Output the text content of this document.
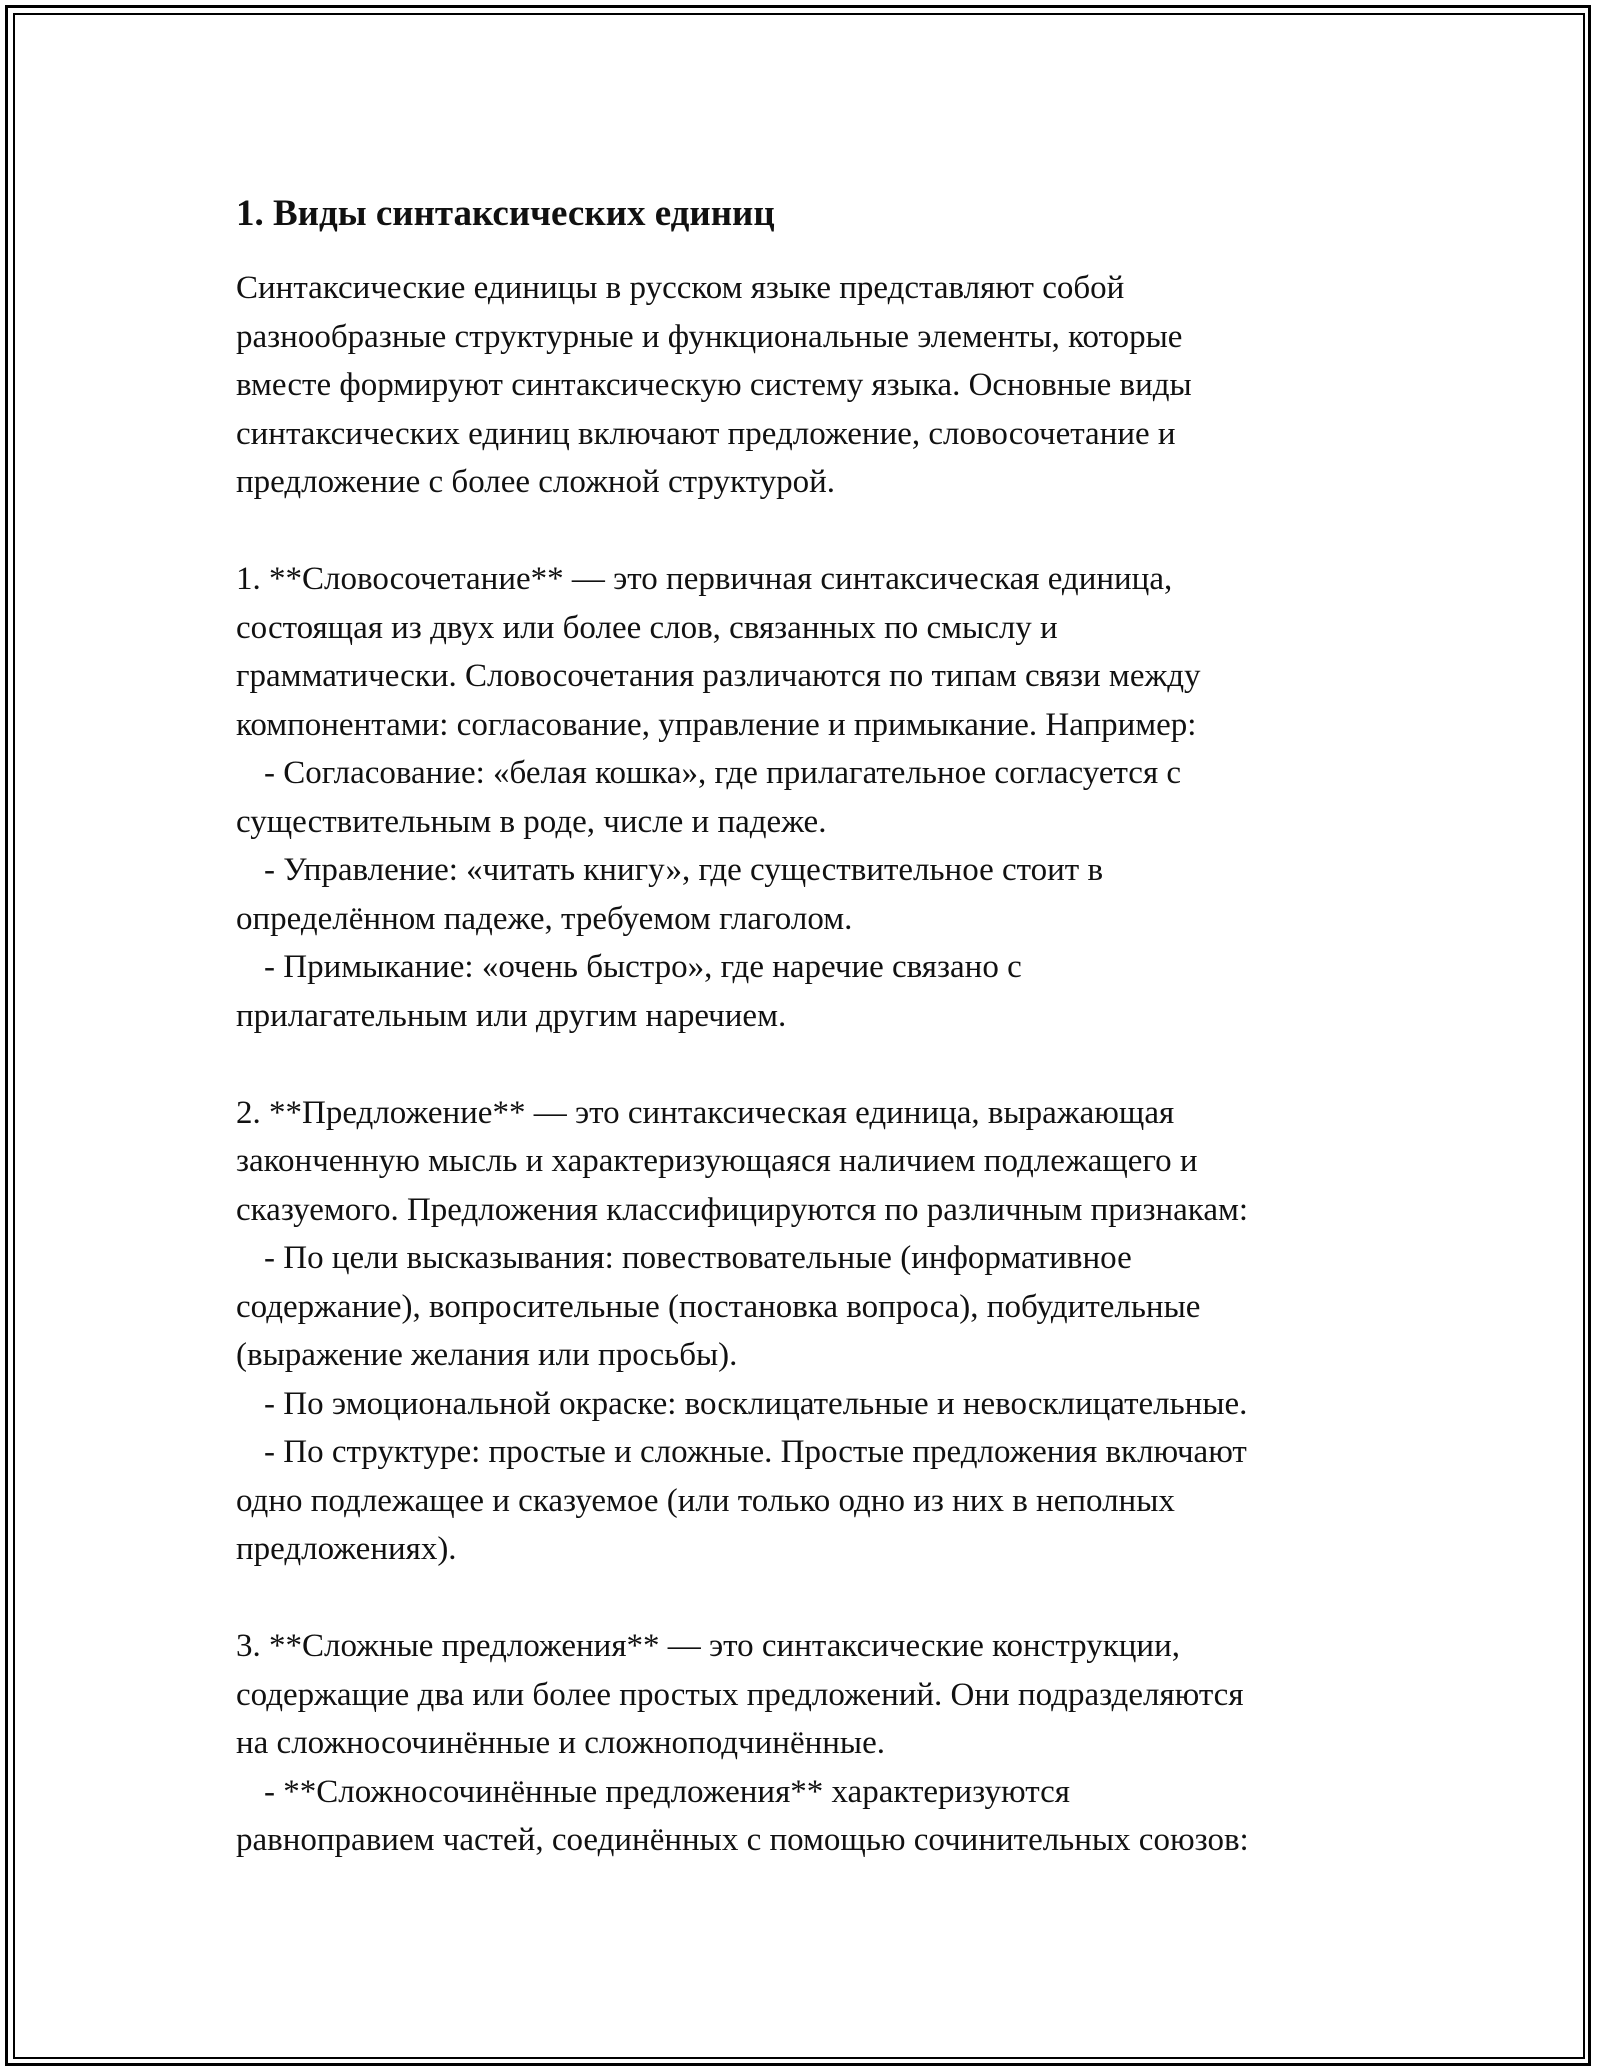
1. Виды синтаксических единиц
Синтаксические единицы в русском языке представляют собой
разнообразные структурные и функциональные элементы, которые
вместе формируют синтаксическую систему языка. Основные виды
синтаксических единиц включают предложение, словосочетание и
предложение с более сложной структурой.
1. **Словосочетание** — это первичная синтаксическая единица,
состоящая из двух или более слов, связанных по смыслу и
грамматически. Словосочетания различаются по типам связи между
компонентами: согласование, управление и примыкание. Например:
- Согласование: «белая кошка», где прилагательное согласуется с
существительным в роде, числе и падеже.
- Управление: «читать книгу», где существительное стоит в
определённом падеже, требуемом глаголом.
- Примыкание: «очень быстро», где наречие связано с
прилагательным или другим наречием.
2. **Предложение** — это синтаксическая единица, выражающая
законченную мысль и характеризующаяся наличием подлежащего и
сказуемого. Предложения классифицируются по различным признакам:
- По цели высказывания: повествовательные (информативное
содержание), вопросительные (постановка вопроса), побудительные
(выражение желания или просьбы).
- По эмоциональной окраске: восклицательные и невосклицательные.
- По структуре: простые и сложные. Простые предложения включают
одно подлежащее и сказуемое (или только одно из них в неполных
предложениях).
3. **Сложные предложения** — это синтаксические конструкции,
содержащие два или более простых предложений. Они подразделяются
на сложносочинённые и сложноподчинённые.
- **Сложносочинённые предложения** характеризуются
равноправием частей, соединённых с помощью сочинительных союзов:
